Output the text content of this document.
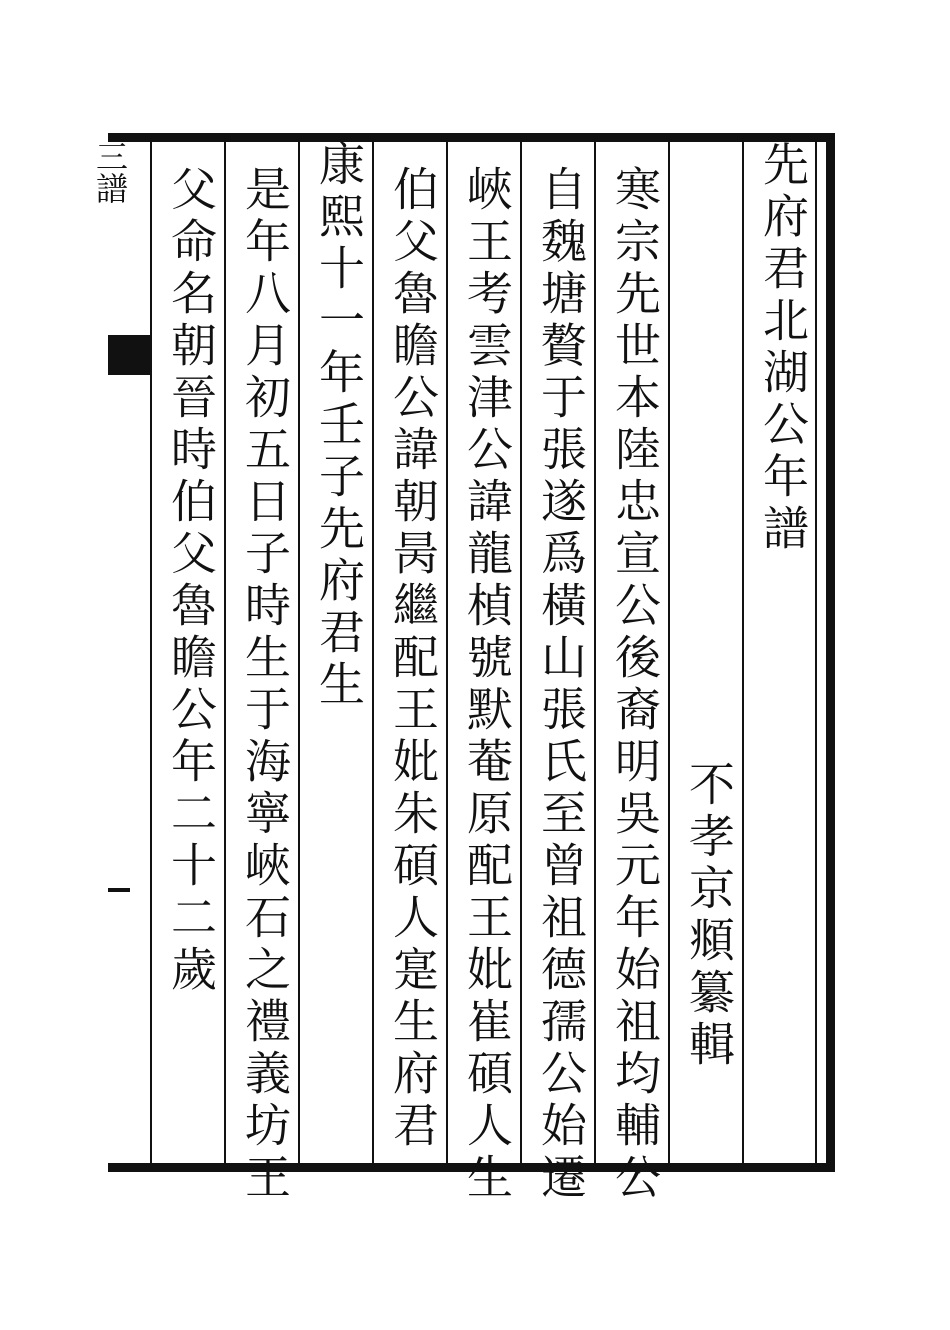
三譜	先府君北湖公年譜
不孝京頫纂輯
寒宗先世本陸忠宣公後裔明吳元年始祖均輔公
自魏塘贅于張遂爲橫山張氏至曾祖德孺公始遷
峽王考雲津公諱龍楨號默菴原配王妣崔碩人生
伯父魯瞻公諱朝昺繼配王妣朱碩人寔生府君
康熙十一年壬子先府君生
是年八月初五日子時生于海寧峽石之禮義坊王
父命名朝晉時伯父魯瞻公年二十二歲
